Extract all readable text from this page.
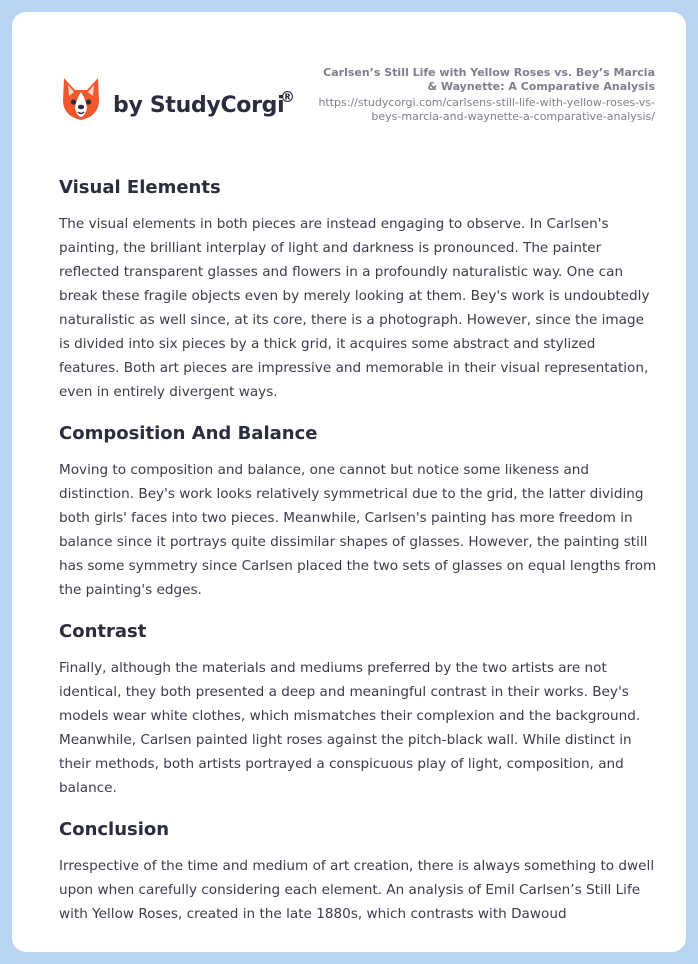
by StudyCorgi
®
Carlsen’s Still Life with Yellow Roses vs. Bey’s Marcia & Waynette: A Comparative Analysis
https://studycorgi.com/carlsens-still-life-with-yellow-roses-vs-beys-marcia-and-waynette-a-comparative-analysis/
Visual Elements

The visual elements in both pieces are instead engaging to observe. In Carlsen's painting, the brilliant interplay of light and darkness is pronounced. The painter reflected transparent glasses and flowers in a profoundly naturalistic way. One can break these fragile objects even by merely looking at them. Bey's work is undoubtedly naturalistic as well since, at its core, there is a photograph. However, since the image is divided into six pieces by a thick grid, it acquires some abstract and stylized features. Both art pieces are impressive and memorable in their visual representation, even in entirely divergent ways.

Composition And Balance

Moving to composition and balance, one cannot but notice some likeness and distinction. Bey's work looks relatively symmetrical due to the grid, the latter dividing both girls' faces into two pieces. Meanwhile, Carlsen's painting has more freedom in balance since it portrays quite dissimilar shapes of glasses. However, the painting still has some symmetry since Carlsen placed the two sets of glasses on equal lengths from the painting's edges.

Contrast

Finally, although the materials and mediums preferred by the two artists are not identical, they both presented a deep and meaningful contrast in their works. Bey's models wear white clothes, which mismatches their complexion and the background. Meanwhile, Carlsen painted light roses against the pitch-black wall. While distinct in their methods, both artists portrayed a conspicuous play of light, composition, and balance.

Conclusion

Irrespective of the time and medium of art creation, there is always something to dwell upon when carefully considering each element. An analysis of Emil Carlsen’s Still Life with Yellow Roses, created in the late 1880s, which contrasts with Dawoud
